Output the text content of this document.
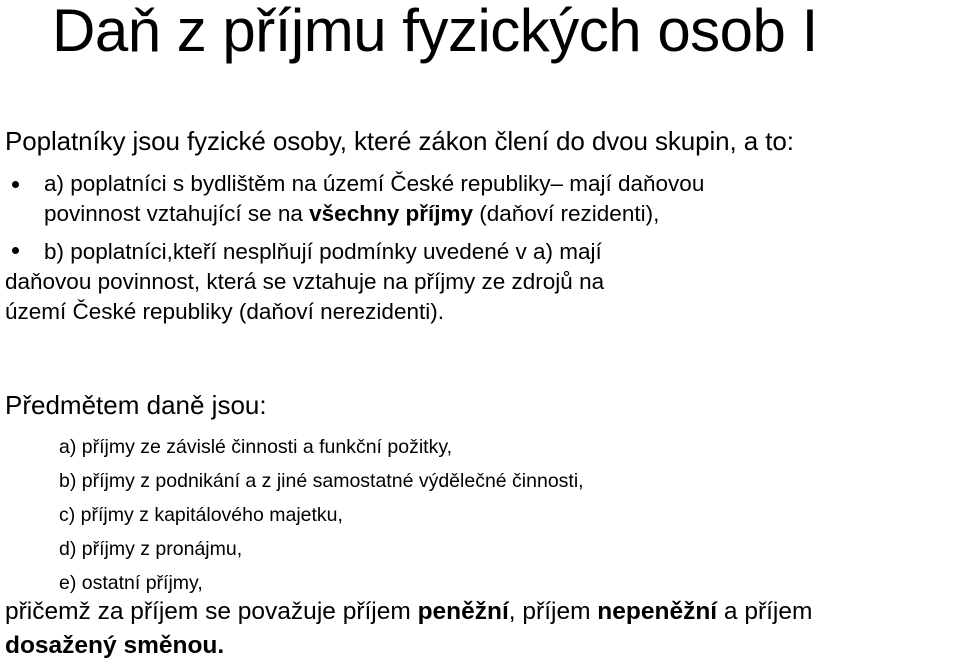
Daň z příjmu fyzických osob I
Poplatníky jsou fyzické osoby, které zákon člení do dvou skupin, a to:
a) poplatníci s bydlištěm na území České republiky– mají daňovou
povinnost vztahující se na všechny příjmy (daňoví rezidenti),
b) poplatníci,kteří nesplňují podmínky uvedené v a) mají
daňovou povinnost, která se vztahuje na příjmy ze zdrojů na
území České republiky (daňoví nerezidenti).
Předmětem daně jsou:
a) příjmy ze závislé činnosti a funkční požitky,
b) příjmy z podnikání a z jiné samostatné výdělečné činnosti,
c) příjmy z kapitálového majetku,
d) příjmy z pronájmu,
e) ostatní příjmy,
přičemž za příjem se považuje příjem peněžní, příjem nepeněžní a příjem
dosažený směnou.
